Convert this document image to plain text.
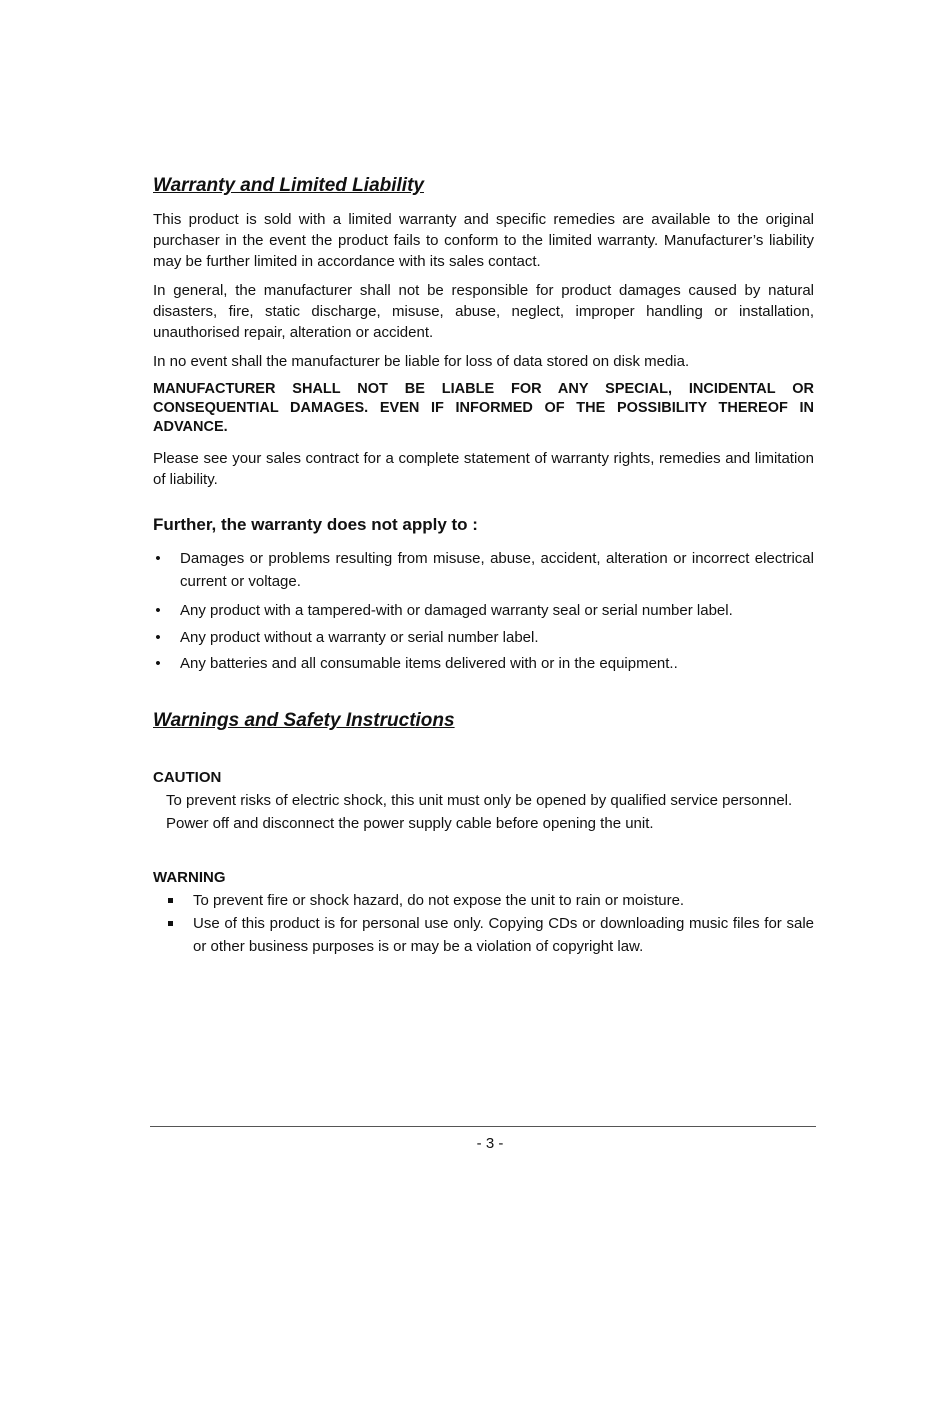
Warranty and Limited Liability

This product is sold with a limited warranty and specific remedies are available to the original purchaser in the event the product fails to conform to the limited warranty. Manufacturer’s liability may be further limited in accordance with its sales contact.

In general, the manufacturer shall not be responsible for product damages caused by natural disasters, fire, static discharge, misuse, abuse, neglect, improper handling or installation, unauthorised repair, alteration or accident.

In no event shall the manufacturer be liable for loss of data stored on disk media.

MANUFACTURER SHALL NOT BE LIABLE FOR ANY SPECIAL, INCIDENTAL OR CONSEQUENTIAL DAMAGES. EVEN IF INFORMED OF THE POSSIBILITY THEREOF IN ADVANCE.

Please see your sales contract for a complete statement of warranty rights, remedies and limitation of liability.

Further, the warranty does not apply to :
• Damages or problems resulting from misuse, abuse, accident, alteration or incorrect electrical current or voltage.
• Any product with a tampered-with or damaged warranty seal or serial number label.
• Any product without a warranty or serial number label.
• Any batteries and all consumable items delivered with or in the equipment..
Warnings and Safety Instructions
CAUTION

To prevent risks of electric shock, this unit must only be opened by qualified service personnel.

Power off and disconnect the power supply cable before opening the unit.

WARNING
To prevent fire or shock hazard, do not expose the unit to rain or moisture.
Use of this product is for personal use only. Copying CDs or downloading music files for sale or other business purposes is or may be a violation of copyright law.
- 3 -
